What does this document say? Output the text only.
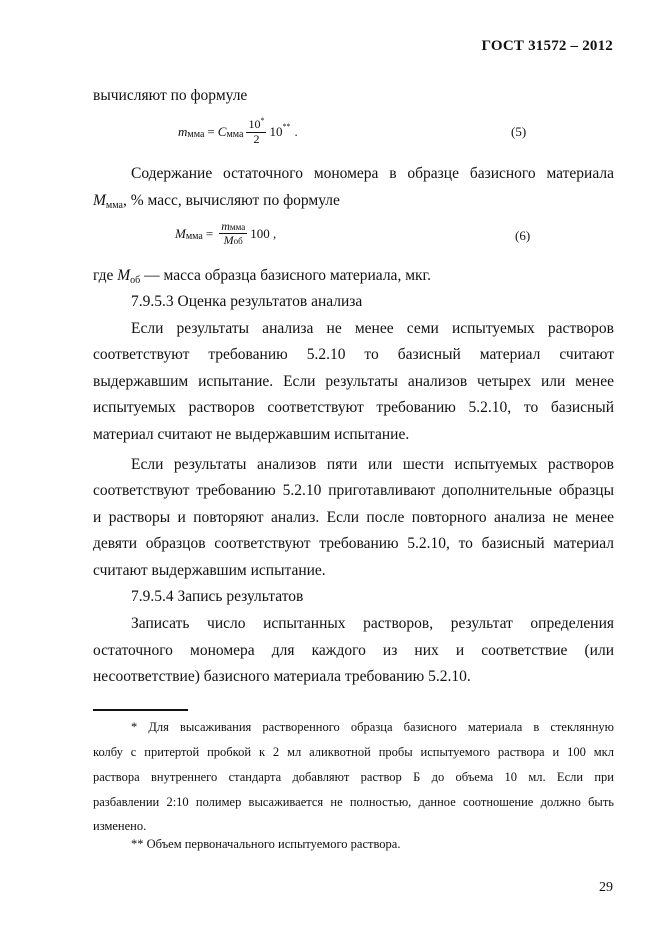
ГОСТ 31572 – 2012
вычисляют по формуле
m мма = C мма $\frac{10^*}{2} 10$ ** .	(5)
Содержание остаточного мономера в образце базисного материала
Mмма, % масс, вычисляют по формуле
M мма = $\frac{\text{mмма}}{\text{Mоб}} 100$ ,	(6)
где Mоб — масса образца базисного материала, мкг.
7.9.5.3 Оценка результатов анализа
Если результаты анализа не менее семи испытуемых растворов
соответствуют требованию 5.2.10 то базисный материал считают
выдержавшим испытание. Если результаты анализов четырех или менее
испытуемых растворов соответствуют требованию 5.2.10, то базисный
материал считают не выдержавшим испытание.
Если результаты анализов пяти или шести испытуемых растворов
соответствуют требованию 5.2.10 приготавливают дополнительные образцы
и растворы и повторяют анализ. Если после повторного анализа не менее
девяти образцов соответствуют требованию 5.2.10, то базисный материал
считают выдержавшим испытание.
7.9.5.4 Запись результатов
Записать число испытанных растворов, результат определения
остаточного мономера для каждого из них и соответствие (или
несоответствие) базисного материала требованию 5.2.10.
* Для высаживания растворенного образца базисного материала в стеклянную
колбу с притертой пробкой к 2 мл аликвотной пробы испытуемого раствора и 100 мкл
раствора внутреннего стандарта добавляют раствор Б до объема 10 мл. Если при
разбавлении 2:10 полимер высаживается не полностью, данное соотношение должно быть
изменено.
** Объем первоначального испытуемого раствора.
29
